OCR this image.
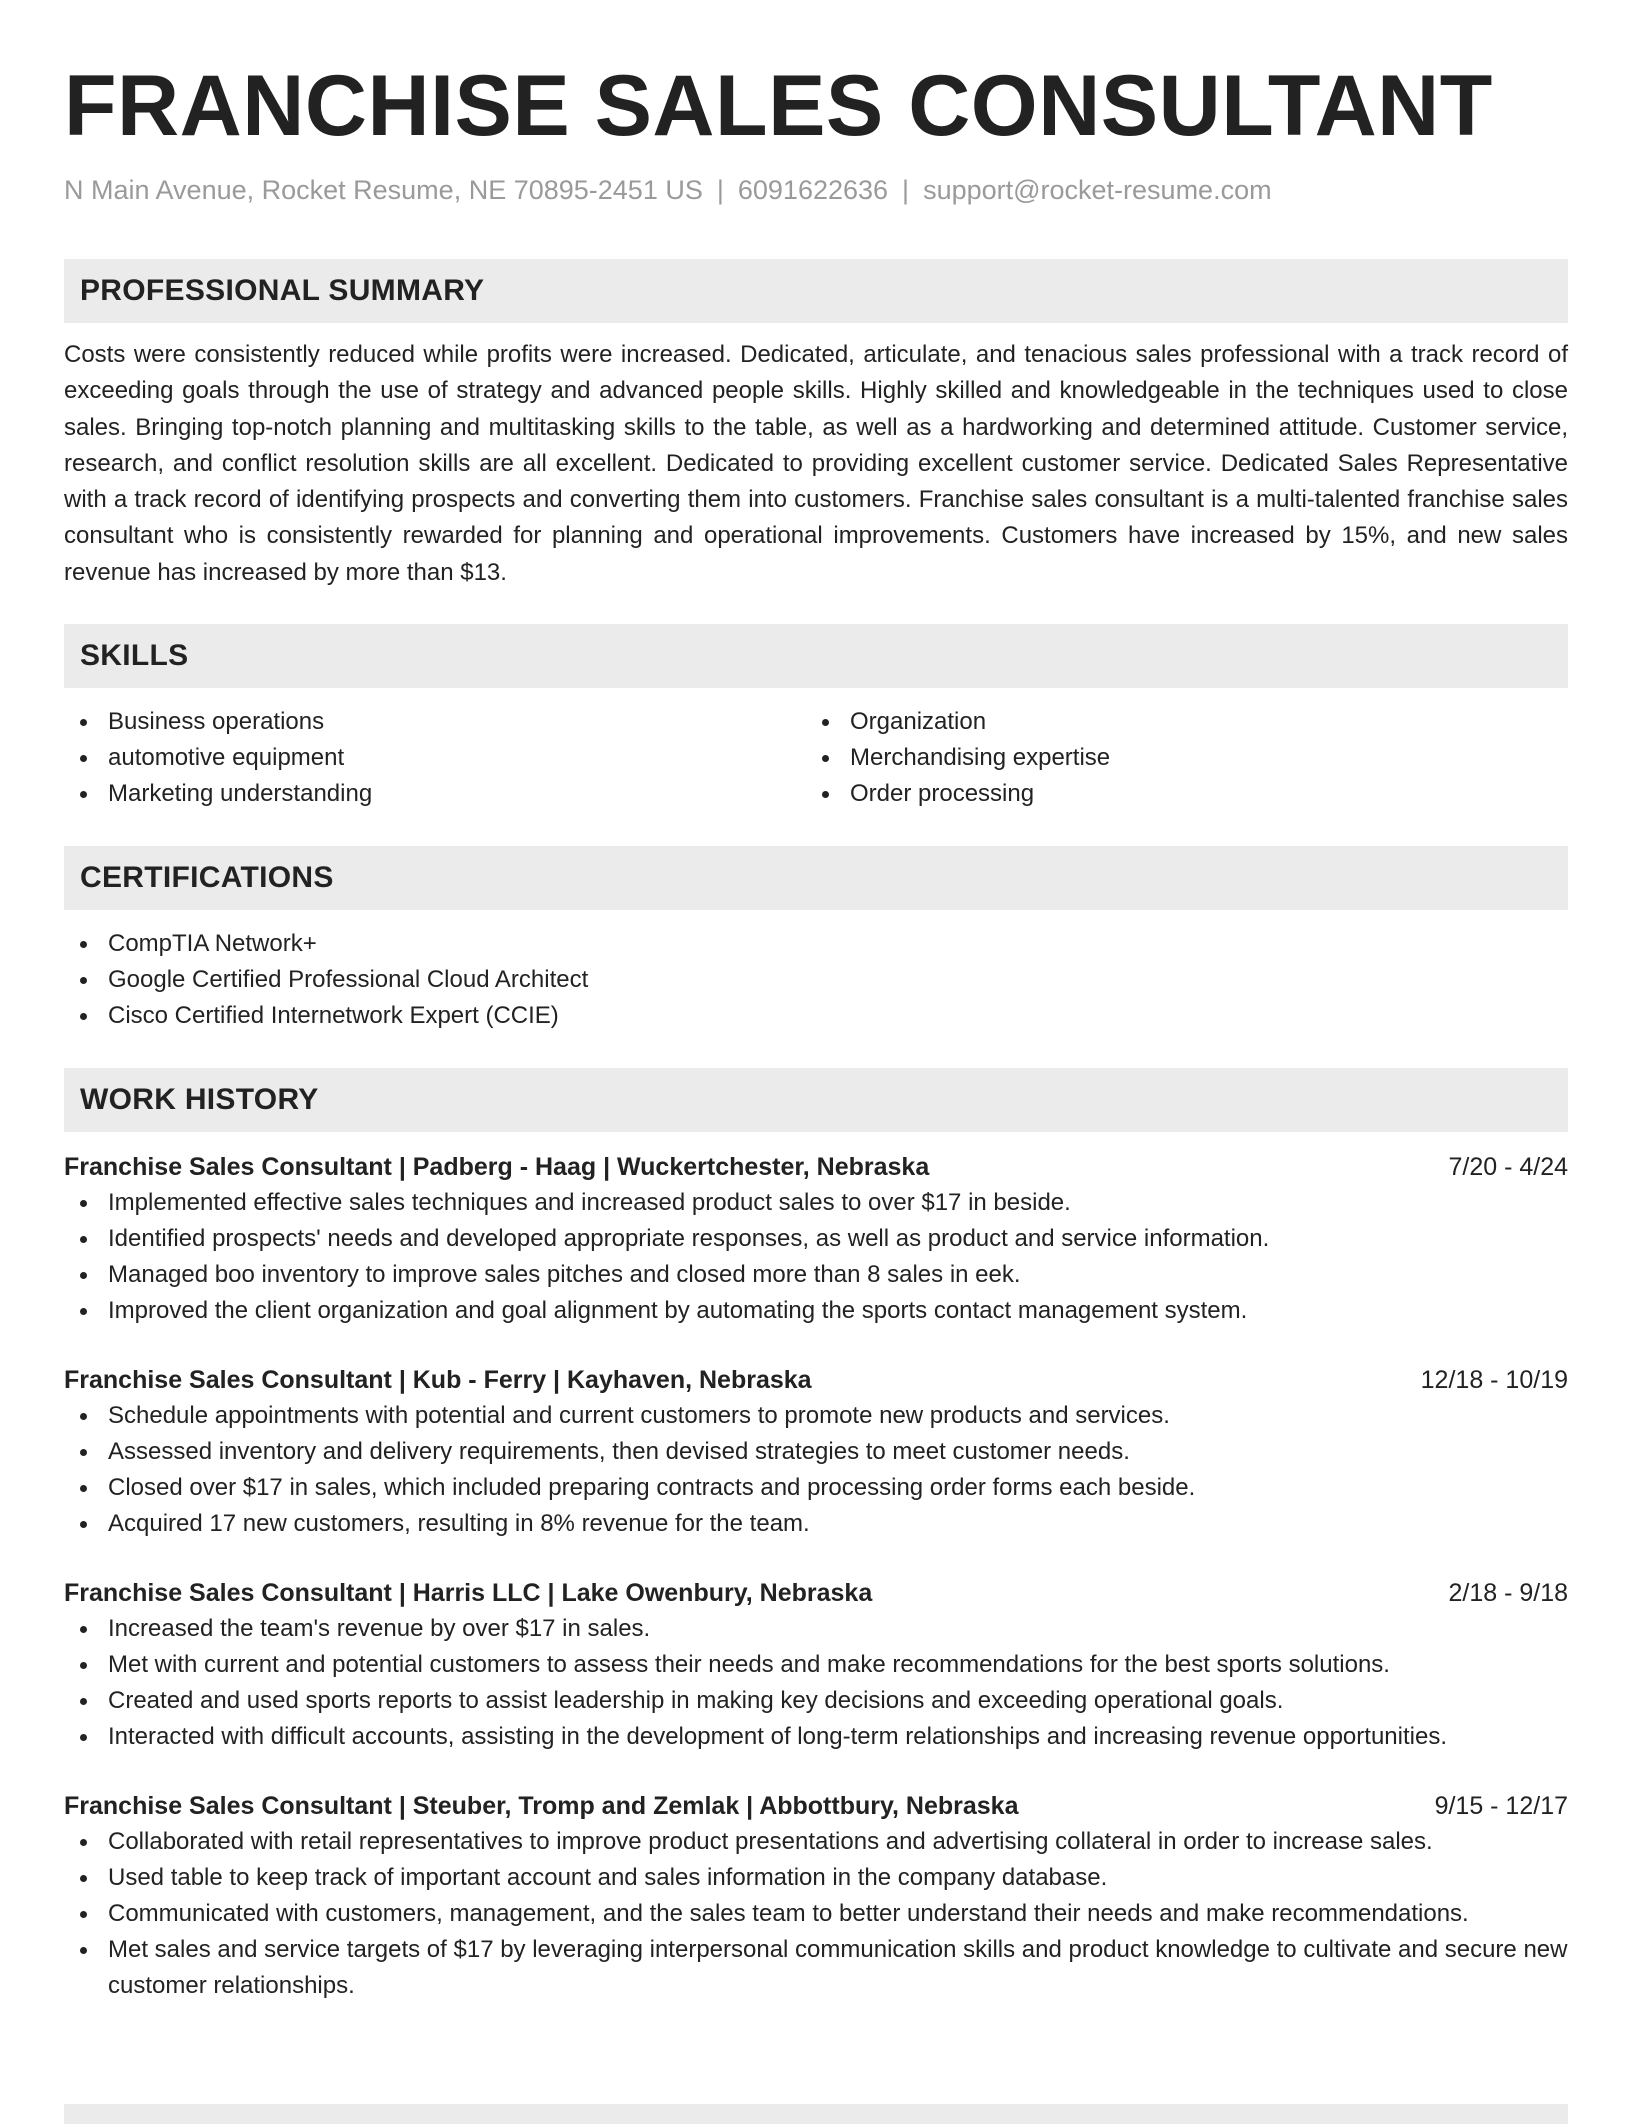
FRANCHISE SALES CONSULTANT
N Main Avenue, Rocket Resume, NE 70895-2451 US | 6091622636 | support@rocket-resume.com
PROFESSIONAL SUMMARY

Costs were consistently reduced while profits were increased. Dedicated, articulate, and tenacious sales professional with a track record of exceeding goals through the use of strategy and advanced people skills. Highly skilled and knowledgeable in the techniques used to close sales. Bringing top-notch planning and multitasking skills to the table, as well as a hardworking and determined attitude. Customer service, research, and conflict resolution skills are all excellent. Dedicated to providing excellent customer service. Dedicated Sales Representative with a track record of identifying prospects and converting them into customers. Franchise sales consultant is a multi-talented franchise sales consultant who is consistently rewarded for planning and operational improvements. Customers have increased by 15%, and new sales revenue has increased by more than $13.

SKILLS
Business operations
automotive equipment
Marketing understanding
Organization
Merchandising expertise
Order processing
CERTIFICATIONS
CompTIA Network+
Google Certified Professional Cloud Architect
Cisco Certified Internetwork Expert (CCIE)
WORK HISTORY
Franchise Sales Consultant | Padberg - Haag | Wuckertchester, Nebraska	7/20 - 4/24
Implemented effective sales techniques and increased product sales to over $17 in beside.
Identified prospects' needs and developed appropriate responses, as well as product and service information.
Managed boo inventory to improve sales pitches and closed more than 8 sales in eek.
Improved the client organization and goal alignment by automating the sports contact management system.
Franchise Sales Consultant | Kub - Ferry | Kayhaven, Nebraska	12/18 - 10/19
Schedule appointments with potential and current customers to promote new products and services.
Assessed inventory and delivery requirements, then devised strategies to meet customer needs.
Closed over $17 in sales, which included preparing contracts and processing order forms each beside.
Acquired 17 new customers, resulting in 8% revenue for the team.
Franchise Sales Consultant | Harris LLC | Lake Owenbury, Nebraska	2/18 - 9/18
Increased the team's revenue by over $17 in sales.
Met with current and potential customers to assess their needs and make recommendations for the best sports solutions.
Created and used sports reports to assist leadership in making key decisions and exceeding operational goals.
Interacted with difficult accounts, assisting in the development of long-term relationships and increasing revenue opportunities.
Franchise Sales Consultant | Steuber, Tromp and Zemlak | Abbottbury, Nebraska	9/15 - 12/17
Collaborated with retail representatives to improve product presentations and advertising collateral in order to increase sales.
Used table to keep track of important account and sales information in the company database.
Communicated with customers, management, and the sales team to better understand their needs and make recommendations.
Met sales and service targets of $17 by leveraging interpersonal communication skills and product knowledge to cultivate and secure new customer relationships.
